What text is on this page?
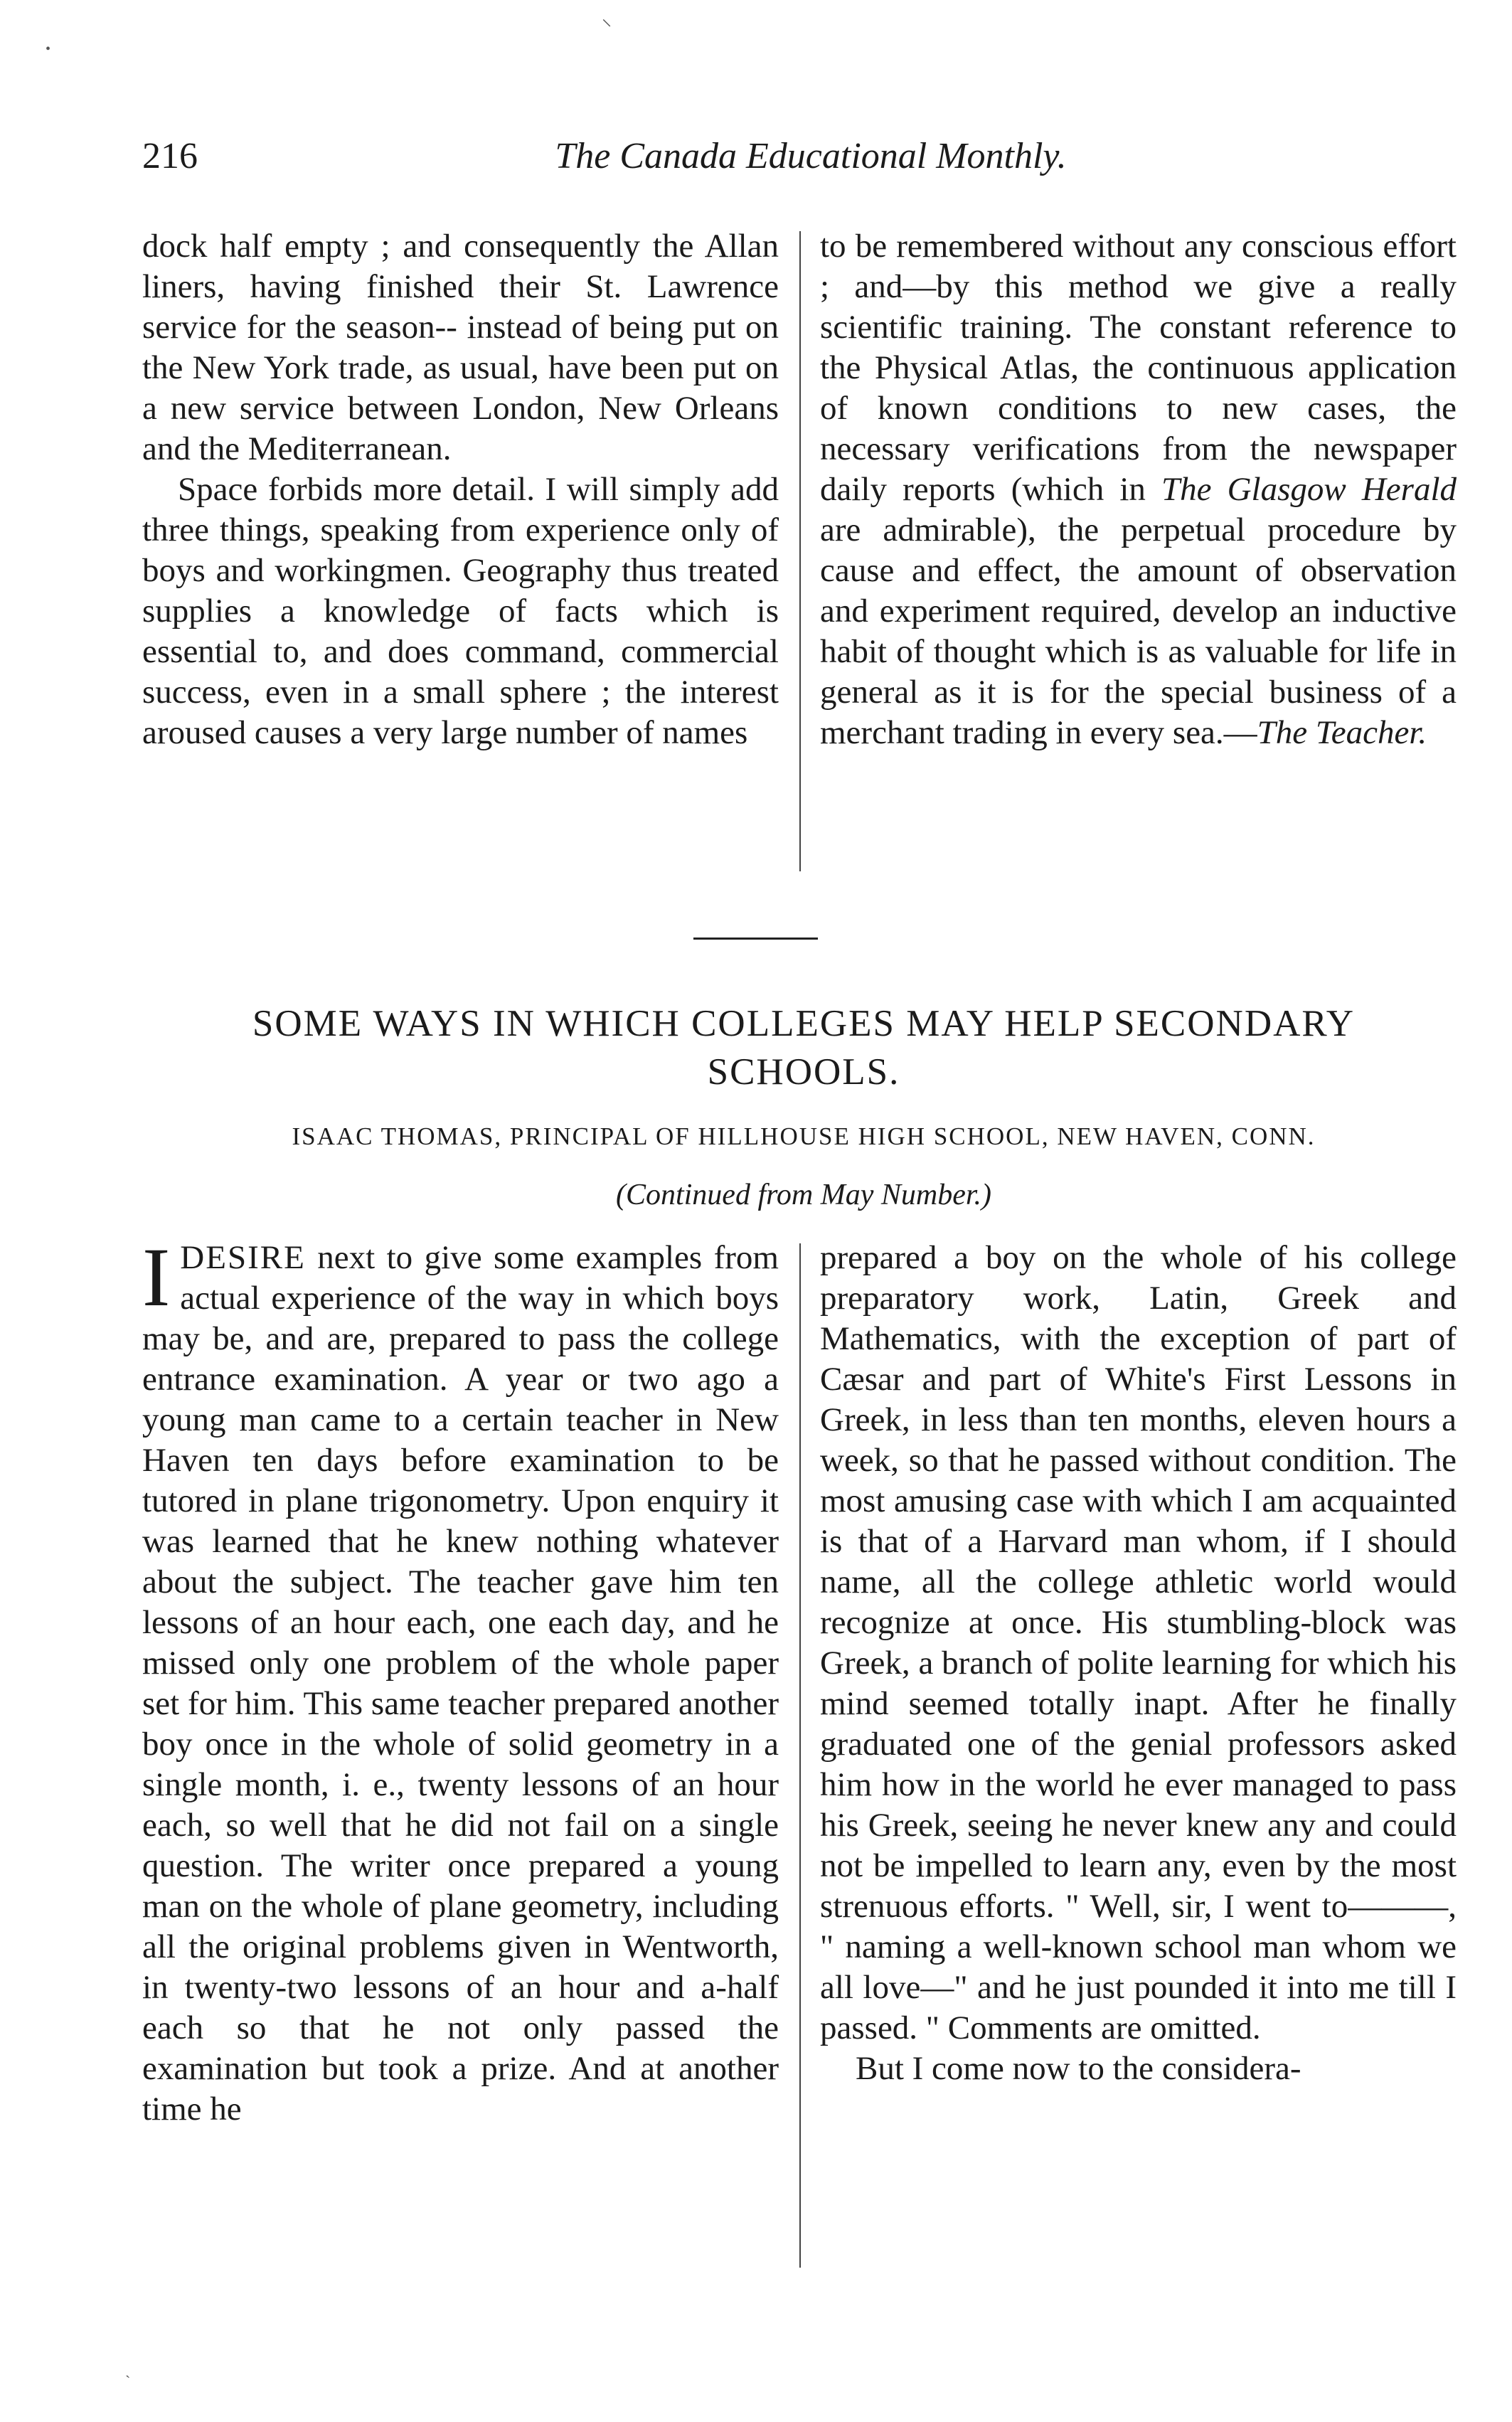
⸌
•
216	The Canada Educational Monthly.

dock half empty ; and consequently the Allan liners, having finished their St. Lawrence service for the season-- instead of being put on the New York trade, as usual, have been put on a new service between London, New Orleans and the Mediterranean.

Space forbids more detail. I will simply add three things, speaking from experience only of boys and workingmen. Geography thus treated supplies a knowledge of facts which is essential to, and does command, commercial success, even in a small sphere ; the interest aroused causes a very large number of names

to be remembered without any conscious effort ; and—by this method we give a really scientific training. The constant reference to the Physical Atlas, the continuous application of known conditions to new cases, the necessary verifications from the newspaper daily reports (which in The Glasgow Herald are admirable), the perpetual procedure by cause and effect, the amount of observation and experiment required, develop an inductive habit of thought which is as valuable for life in general as it is for the special business of a merchant trading in every sea.—The Teacher.

SOME WAYS IN WHICH COLLEGES MAY HELP SECONDARY
SCHOOLS.
ISAAC THOMAS, PRINCIPAL OF HILLHOUSE HIGH SCHOOL, NEW HAVEN, CONN.
(Continued from May Number.)

IDESIRE next to give some examples from actual experience of the way in which boys may be, and are, prepared to pass the college entrance examination. A year or two ago a young man came to a certain teacher in New Haven ten days before examination to be tutored in plane trigonometry. Upon enquiry it was learned that he knew nothing whatever about the subject. The teacher gave him ten lessons of an hour each, one each day, and he missed only one problem of the whole paper set for him. This same teacher prepared another boy once in the whole of solid geometry in a single month, i. e., twenty lessons of an hour each, so well that he did not fail on a single question. The writer once prepared a young man on the whole of plane geometry, including all the original problems given in Wentworth, in twenty-two lessons of an hour and a-half each so that he not only passed the examination but took a prize. And at another time he

prepared a boy on the whole of his college preparatory work, Latin, Greek and Mathematics, with the exception of part of Cæsar and part of White's First Lessons in Greek, in less than ten months, eleven hours a week, so that he passed without condition. The most amusing case with which I am acquainted is that of a Harvard man whom, if I should name, all the college athletic world would recognize at once. His stumbling-block was Greek, a branch of polite learning for which his mind seemed totally inapt. After he finally graduated one of the genial professors asked him how in the world he ever managed to pass his Greek, seeing he never knew any and could not be impelled to learn any, even by the most strenuous efforts. " Well, sir, I went to———, " naming a well-known school man whom we all love—" and he just pounded it into me till I passed. " Comments are omitted.

But I come now to the considera-

ˎ
